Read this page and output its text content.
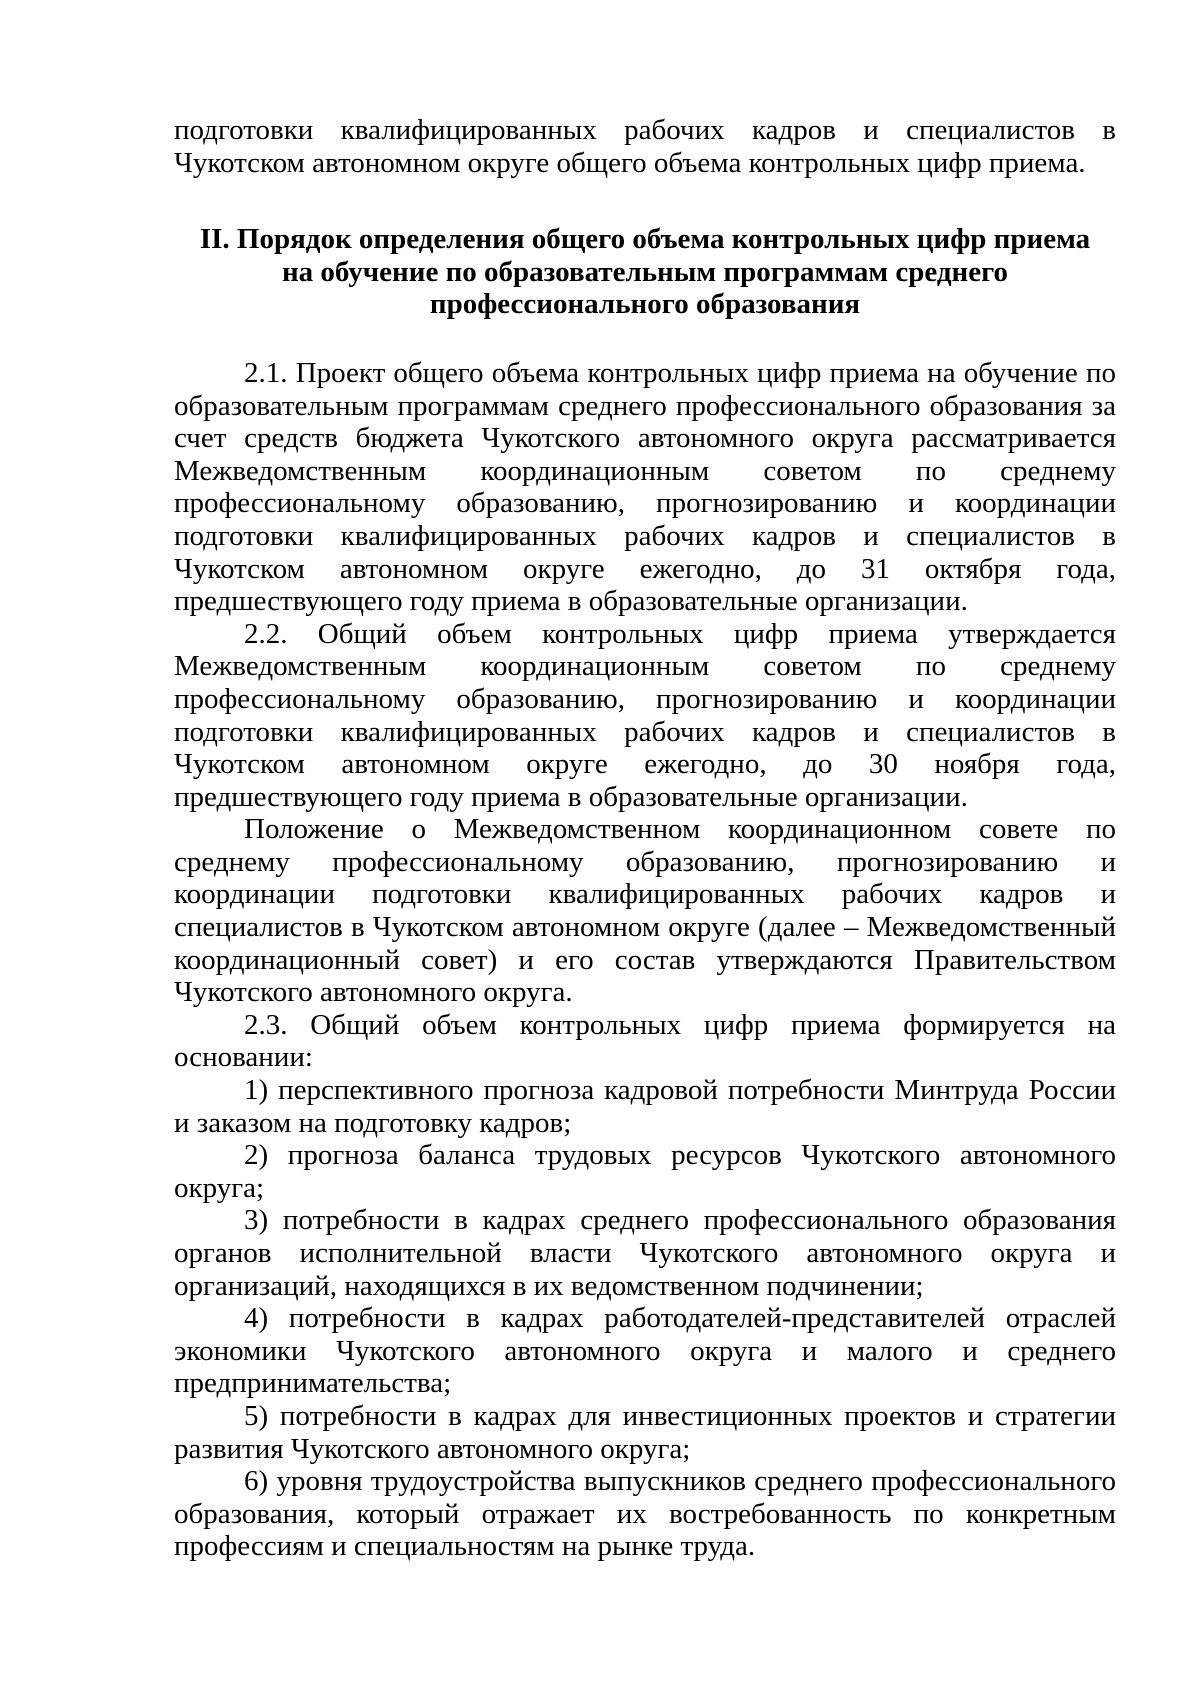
подготовки квалифицированных рабочих кадров и специалистов в Чукотском автономном округе общего объема контрольных цифр приема.

II. Порядок определения общего объема контрольных цифр приема
на обучение по образовательным программам среднего
профессионального образования

2.1. Проект общего объема контрольных цифр приема на обучение по образовательным программам среднего профессионального образования за счет средств бюджета Чукотского автономного округа рассматривается Межведомственным координационным советом по среднему профессиональному образованию, прогнозированию и координации подготовки квалифицированных рабочих кадров и специалистов в Чукотском автономном округе ежегодно, до 31 октября года, предшествующего году приема в образовательные организации.

2.2. Общий объем контрольных цифр приема утверждается Межведомственным координационным советом по среднему профессиональному образованию, прогнозированию и координации подготовки квалифицированных рабочих кадров и специалистов в Чукотском автономном округе ежегодно, до 30 ноября года, предшествующего году приема в образовательные организации.

Положение о Межведомственном координационном совете по среднему профессиональному образованию, прогнозированию и координации подготовки квалифицированных рабочих кадров и специалистов в Чукотском автономном округе (далее – Межведомственный координационный совет) и его состав утверждаются Правительством Чукотского автономного округа.

2.3. Общий объем контрольных цифр приема формируется на основании:

1) перспективного прогноза кадровой потребности Минтруда России и заказом на подготовку кадров;

2) прогноза баланса трудовых ресурсов Чукотского автономного округа;

3) потребности в кадрах среднего профессионального образования органов исполнительной власти Чукотского автономного округа и организаций, находящихся в их ведомственном подчинении;

4) потребности в кадрах работодателей-представителей отраслей экономики Чукотского автономного округа и малого и среднего предпринимательства;

5) потребности в кадрах для инвестиционных проектов и стратегии развития Чукотского автономного округа;

6) уровня трудоустройства выпускников среднего профессионального образования, который отражает их востребованность по конкретным профессиям и специальностям на рынке труда.
